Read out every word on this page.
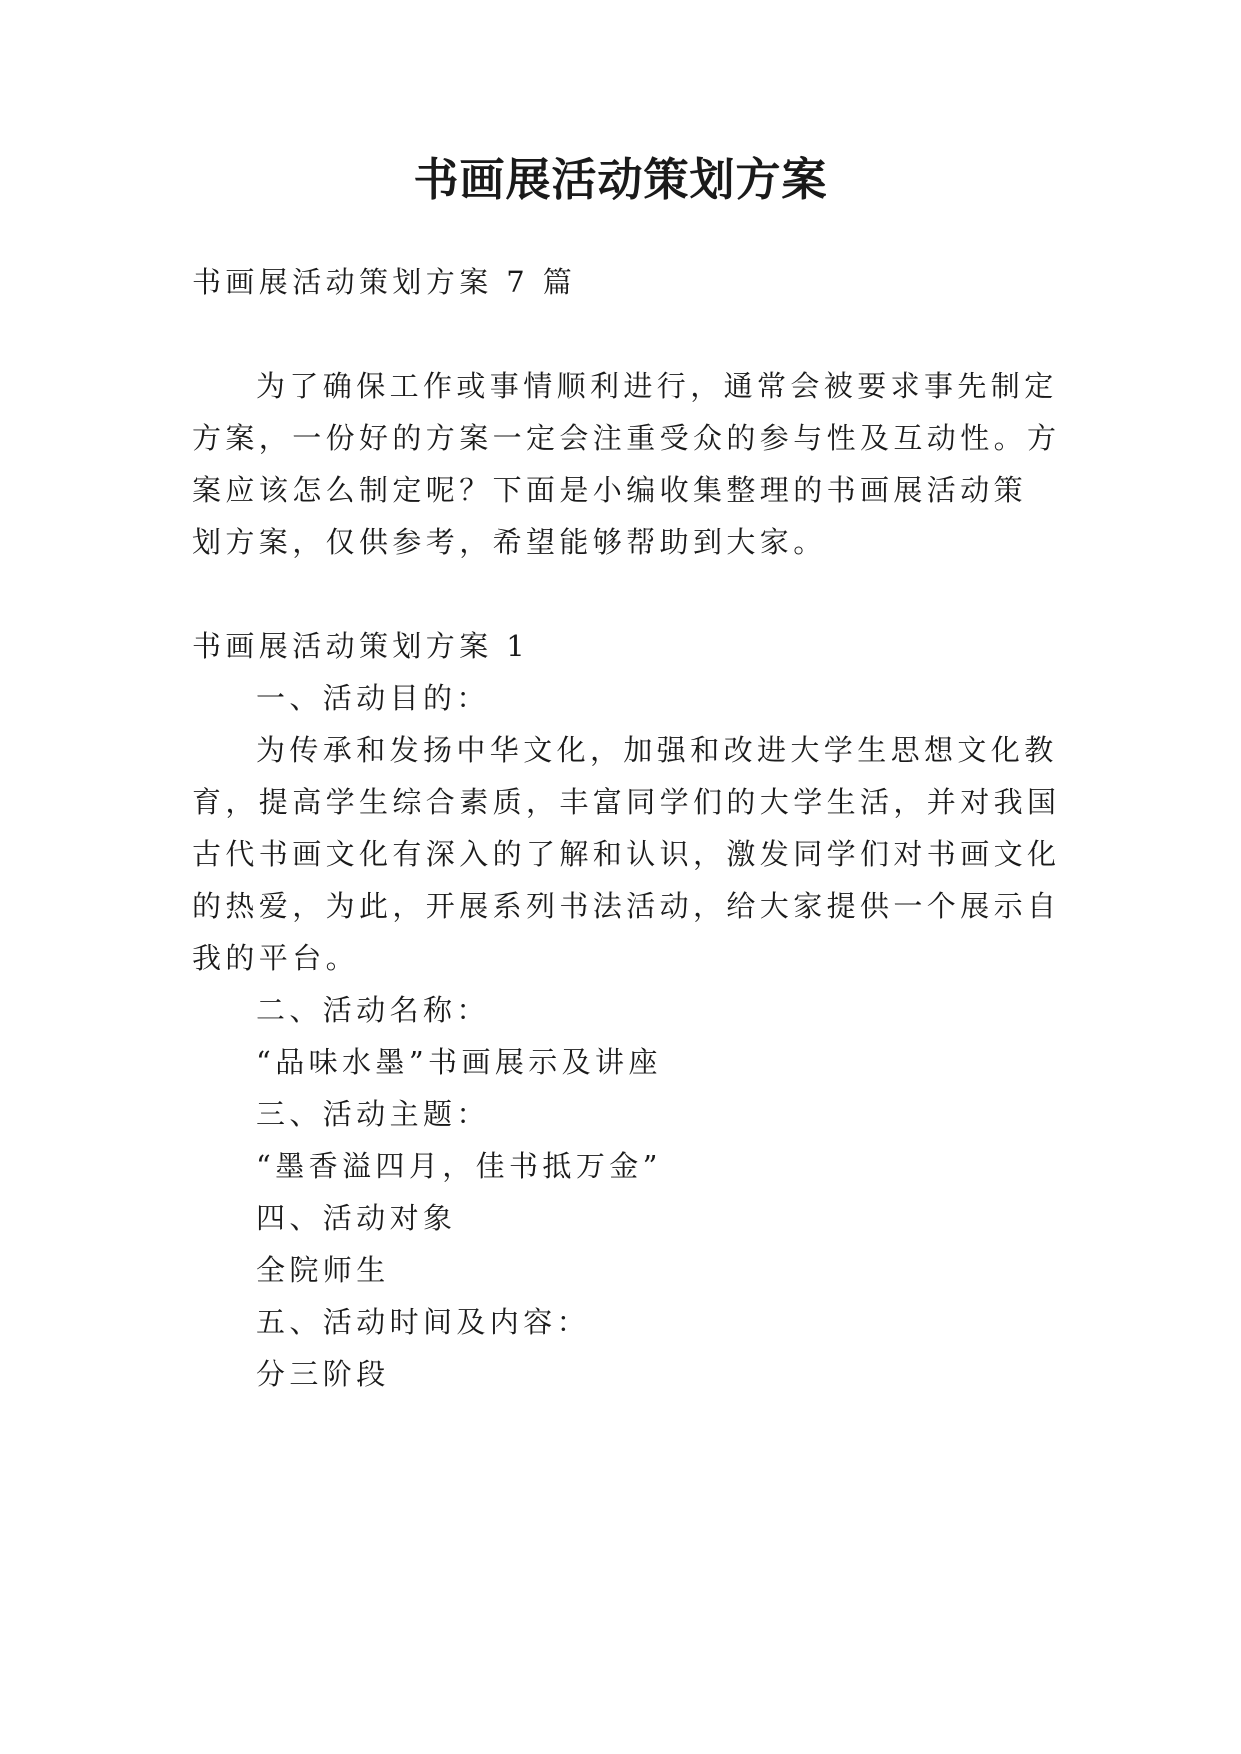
书画展活动策划方案

书画展活动策划方案 7 篇

为了确保工作或事情顺利进行，通常会被要求事先制定

方案，一份好的方案一定会注重受众的参与性及互动性。方

案应该怎么制定呢？下面是小编收集整理的书画展活动策

划方案，仅供参考，希望能够帮助到大家。

书画展活动策划方案 1

一、活动目的：

为传承和发扬中华文化，加强和改进大学生思想文化教

育，提高学生综合素质，丰富同学们的大学生活，并对我国

古代书画文化有深入的了解和认识，激发同学们对书画文化

的热爱，为此，开展系列书法活动，给大家提供一个展示自

我的平台。

二、活动名称：

“品味水墨”书画展示及讲座

三、活动主题：

“墨香溢四月，佳书抵万金”

四、活动对象

全院师生

五、活动时间及内容：

分三阶段
